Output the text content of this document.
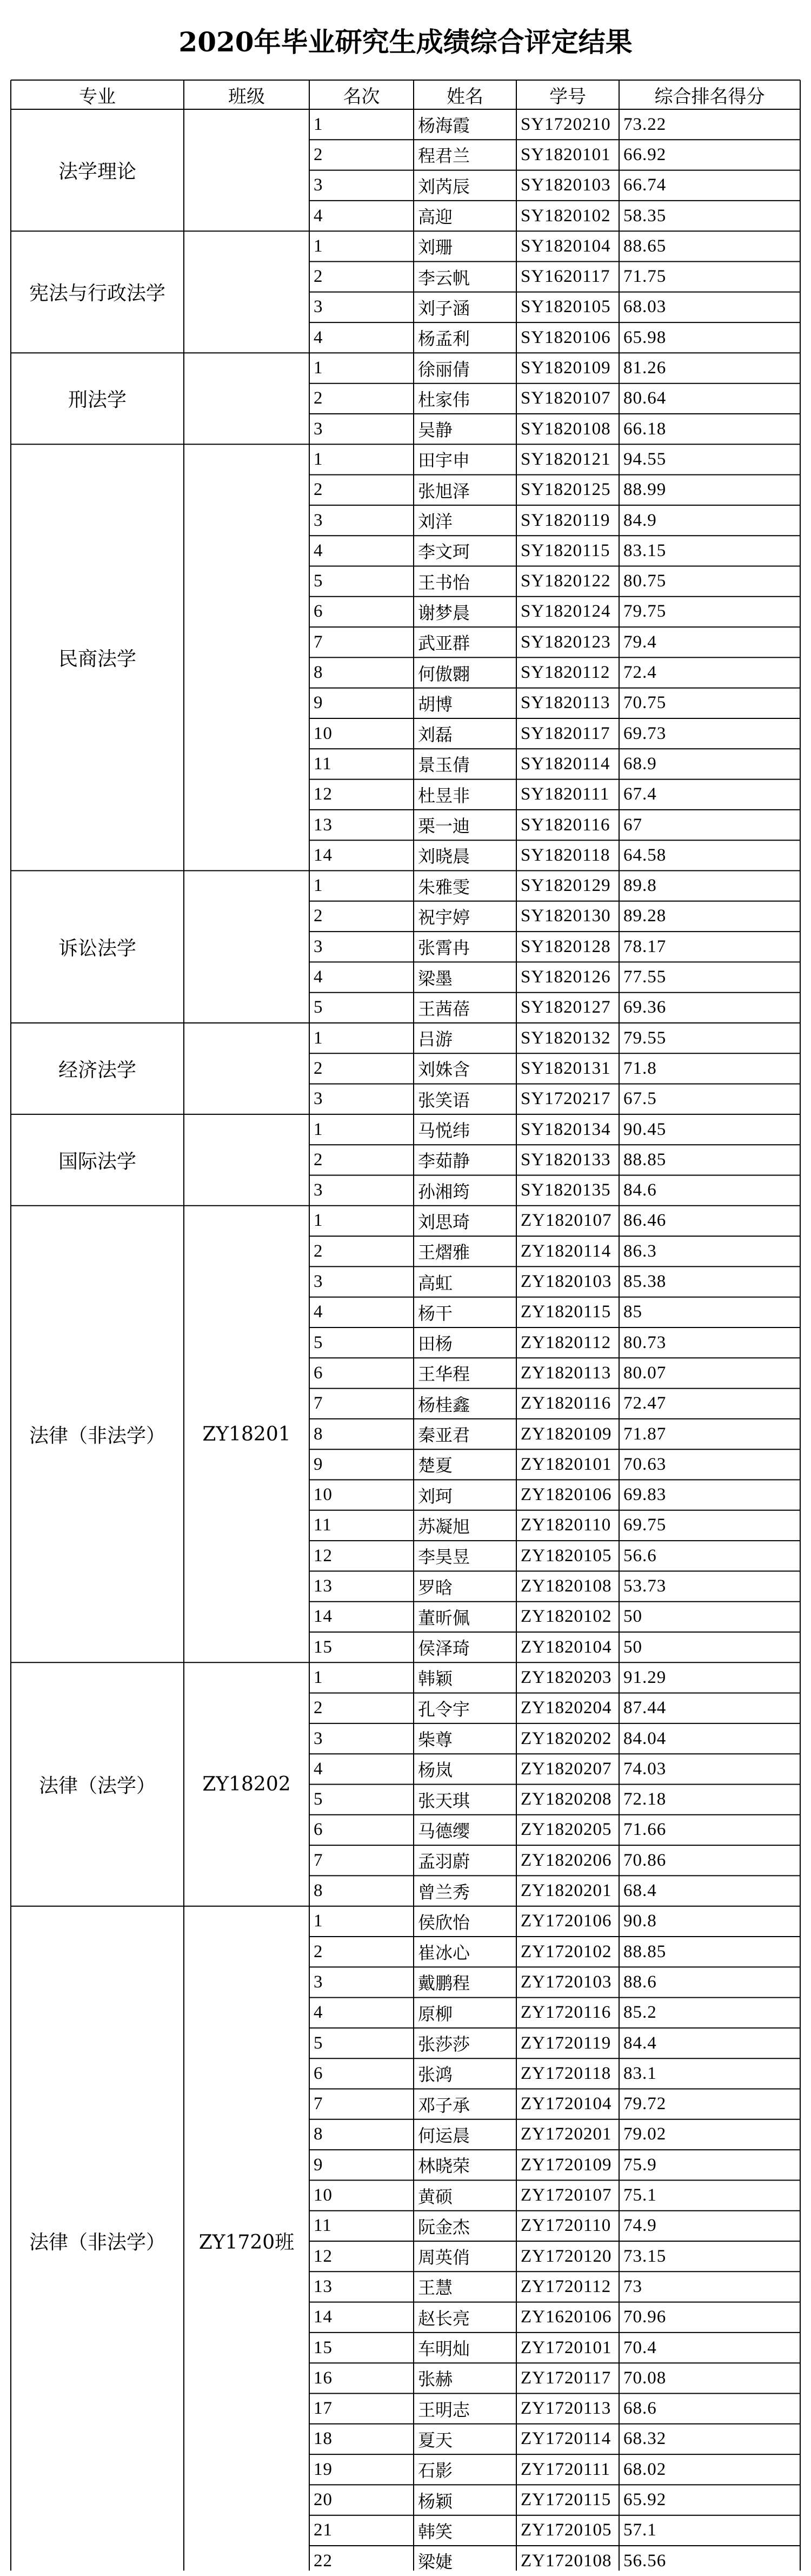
2020年毕业研究生成绩综合评定结果
专业	班级	名次	姓名	学号	综合排名得分
法学理论
1	杨海霞	SY1720210 73.22
2	程君兰	SY1820101 66.92
3	刘芮辰	SY1820103 66.74
4	高迎	SY1820102 58.35
宪法与行政法学
1	刘珊	SY1820104 88.65
2	李云帆	SY1620117 71.75
3	刘子涵	SY1820105 68.03
4	杨孟利	SY1820106 65.98
刑法学
1	徐丽倩	SY1820109 81.26
2	杜家伟	SY1820107 80.64
3	吴静	SY1820108 66.18
民商法学
1	田宇申	SY1820121 94.55
2	张旭泽	SY1820125 88.99
3	刘洋	SY1820119 84.9
4	李文珂	SY1820115 83.15
5	王书怡	SY1820122 80.75
6	谢梦晨	SY1820124 79.75
7	武亚群	SY1820123 79.4
8	何傲翾	SY1820112 72.4
9	胡博	SY1820113 70.75
10	刘磊	SY1820117 69.73
11	景玉倩	SY1820114 68.9
12	杜昱非	SY1820111 67.4
13	栗一迪	SY1820116 67
14	刘晓晨	SY1820118 64.58
诉讼法学
1	朱雅雯	SY1820129 89.8
2	祝宇婷	SY1820130 89.28
3	张霄冉	SY1820128 78.17
4	梁墨	SY1820126 77.55
5	王茜蓓	SY1820127 69.36
经济法学
1	吕游	SY1820132 79.55
2	刘姝含	SY1820131 71.8
3	张笑语	SY1720217 67.5
国际法学
1	马悦纬	SY1820134 90.45
2	李茹静	SY1820133 88.85
3	孙湘筠	SY1820135 84.6
法律（非法学）	ZY18201
1	刘思琦	ZY1820107 86.46
2	王熠雅	ZY1820114 86.3
3	高虹	ZY1820103 85.38
4	杨干	ZY1820115 85
5	田杨	ZY1820112 80.73
6	王华程	ZY1820113 80.07
7	杨桂鑫	ZY1820116 72.47
8	秦亚君	ZY1820109 71.87
9	楚夏	ZY1820101 70.63
10	刘珂	ZY1820106 69.83
11	苏凝旭	ZY1820110 69.75
12	李昊昱	ZY1820105 56.6
13	罗晗	ZY1820108 53.73
14	董昕佩	ZY1820102 50
15	侯泽琦	ZY1820104 50
法律（法学）	ZY18202
1	韩颖	ZY1820203 91.29
2	孔令宇	ZY1820204 87.44
3	柴尊	ZY1820202 84.04
4	杨岚	ZY1820207 74.03
5	张天琪	ZY1820208 72.18
6	马德缨	ZY1820205 71.66
7	孟羽蔚	ZY1820206 70.86
8	曾兰秀	ZY1820201 68.4
法律（非法学）	ZY1720班
1	侯欣怡	ZY1720106 90.8
2	崔冰心	ZY1720102 88.85
3	戴鹏程	ZY1720103 88.6
4	原柳	ZY1720116 85.2
5	张莎莎	ZY1720119 84.4
6	张鸿	ZY1720118 83.1
7	邓子承	ZY1720104 79.72
8	何运晨	ZY1720201 79.02
9	林晓荣	ZY1720109 75.9
10	黄硕	ZY1720107 75.1
11	阮金杰	ZY1720110 74.9
12	周英俏	ZY1720120 73.15
13	王慧	ZY1720112 73
14	赵长亮	ZY1620106 70.96
15	车明灿	ZY1720101 70.4
16	张赫	ZY1720117 70.08
17	王明志	ZY1720113 68.6
18	夏天	ZY1720114 68.32
19	石影	ZY1720111 68.02
20	杨颖	ZY1720115 65.92
21	韩笑	ZY1720105 57.1
22	梁婕	ZY1720108 56.56
